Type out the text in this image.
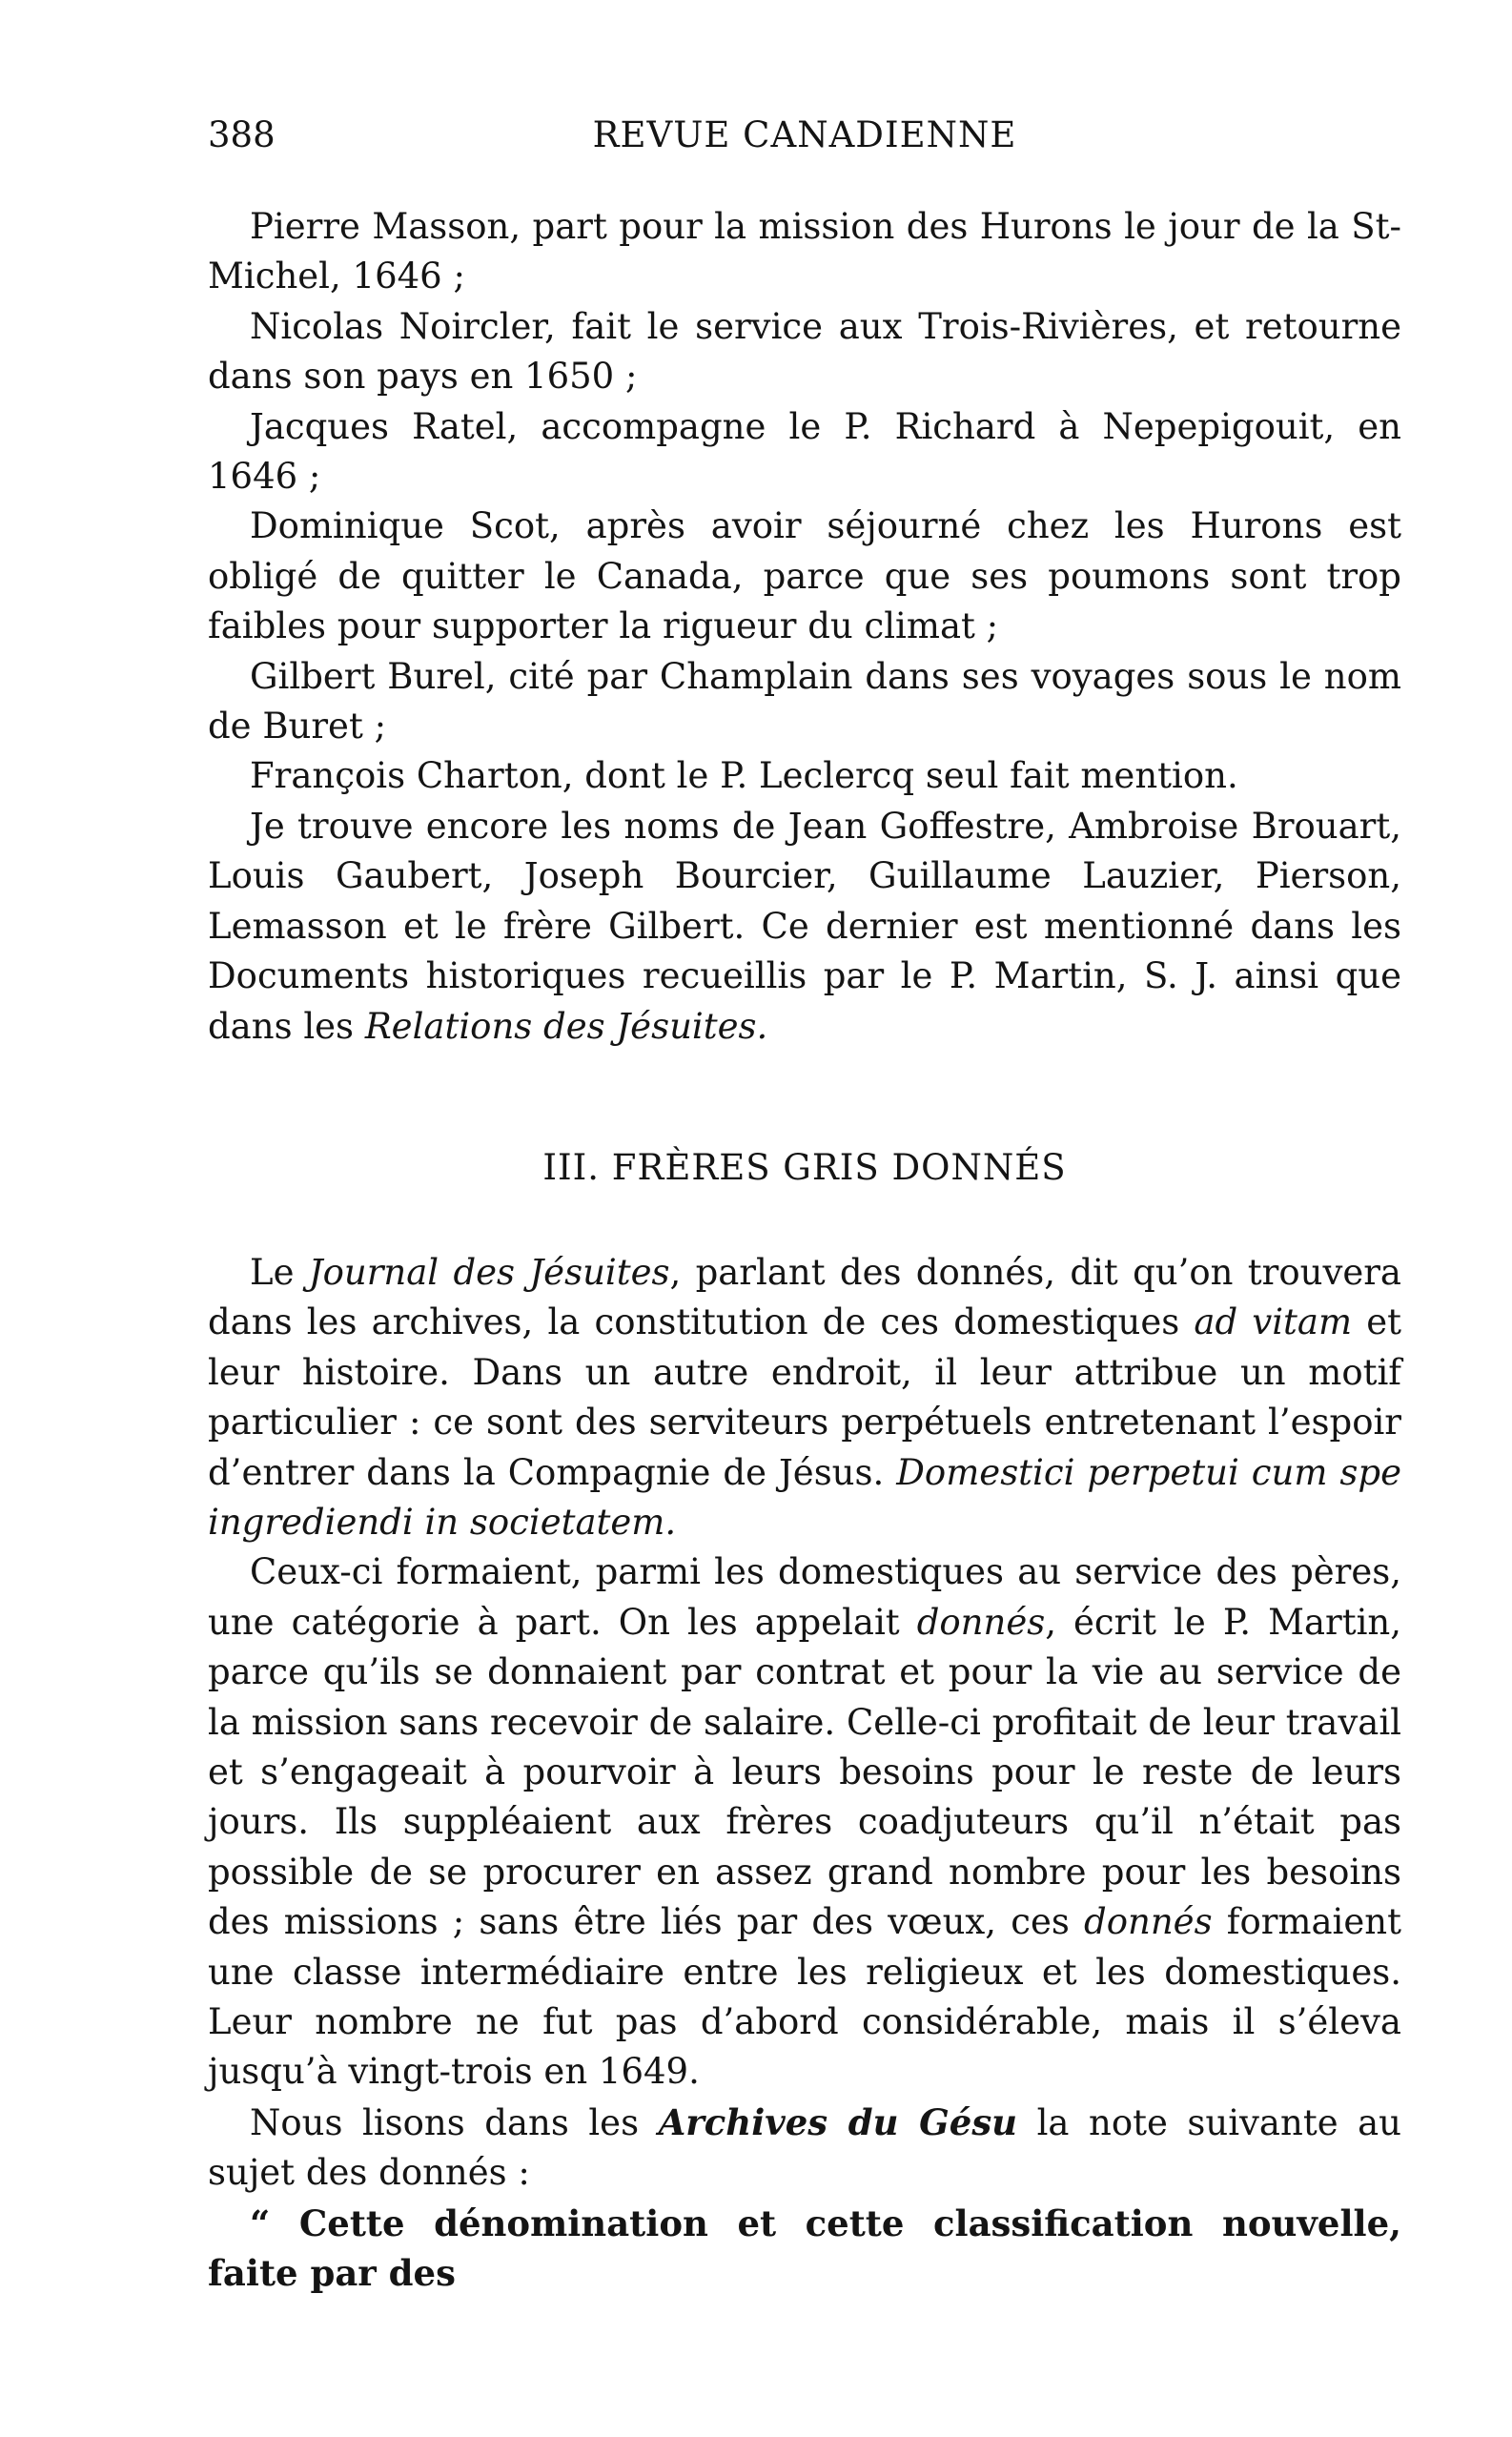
388	REVUE CANADIENNE

Pierre Masson, part pour la mission des Hurons le jour de la St-Michel, 1646 ;

Nicolas Noircler, fait le service aux Trois-Rivières, et retourne dans son pays en 1650 ;

Jacques Ratel, accompagne le P. Richard à Nepepigouit, en 1646 ;

Dominique Scot, après avoir séjourné chez les Hurons est obligé de quitter le Canada, parce que ses poumons sont trop faibles pour supporter la rigueur du climat ;

Gilbert Burel, cité par Champlain dans ses voyages sous le nom de Buret ;

François Charton, dont le P. Leclercq seul fait mention.

Je trouve encore les noms de Jean Goffestre, Ambroise Brouart, Louis Gaubert, Joseph Bourcier, Guillaume Lauzier, Pierson, Lemasson et le frère Gilbert. Ce dernier est mentionné dans les Documents historiques recueillis par le P. Martin, S. J. ainsi que dans les Relations des Jésuites.

III. FRÈRES GRIS DONNÉS

Le Journal des Jésuites, parlant des donnés, dit qu’on trouvera dans les archives, la constitution de ces domestiques ad vitam et leur histoire. Dans un autre endroit, il leur attribue un motif particulier : ce sont des serviteurs perpétuels entretenant l’espoir d’entrer dans la Compagnie de Jésus. Domestici perpetui cum spe ingrediendi in societatem.

Ceux-ci formaient, parmi les domestiques au service des pères, une catégorie à part. On les appelait donnés, écrit le P. Martin, parce qu’ils se donnaient par contrat et pour la vie au service de la mission sans recevoir de salaire. Celle-ci profitait de leur travail et s’engageait à pourvoir à leurs besoins pour le reste de leurs jours. Ils suppléaient aux frères coadjuteurs qu’il n’était pas possible de se procurer en assez grand nombre pour les besoins des missions ; sans être liés par des vœux, ces donnés formaient une classe intermédiaire entre les religieux et les domestiques. Leur nombre ne fut pas d’abord considérable, mais il s’éleva jusqu’à vingt-trois en 1649.

Nous lisons dans les Archives du Gésu la note suivante au sujet des donnés :

“ Cette dénomination et cette classification nouvelle, faite par des
